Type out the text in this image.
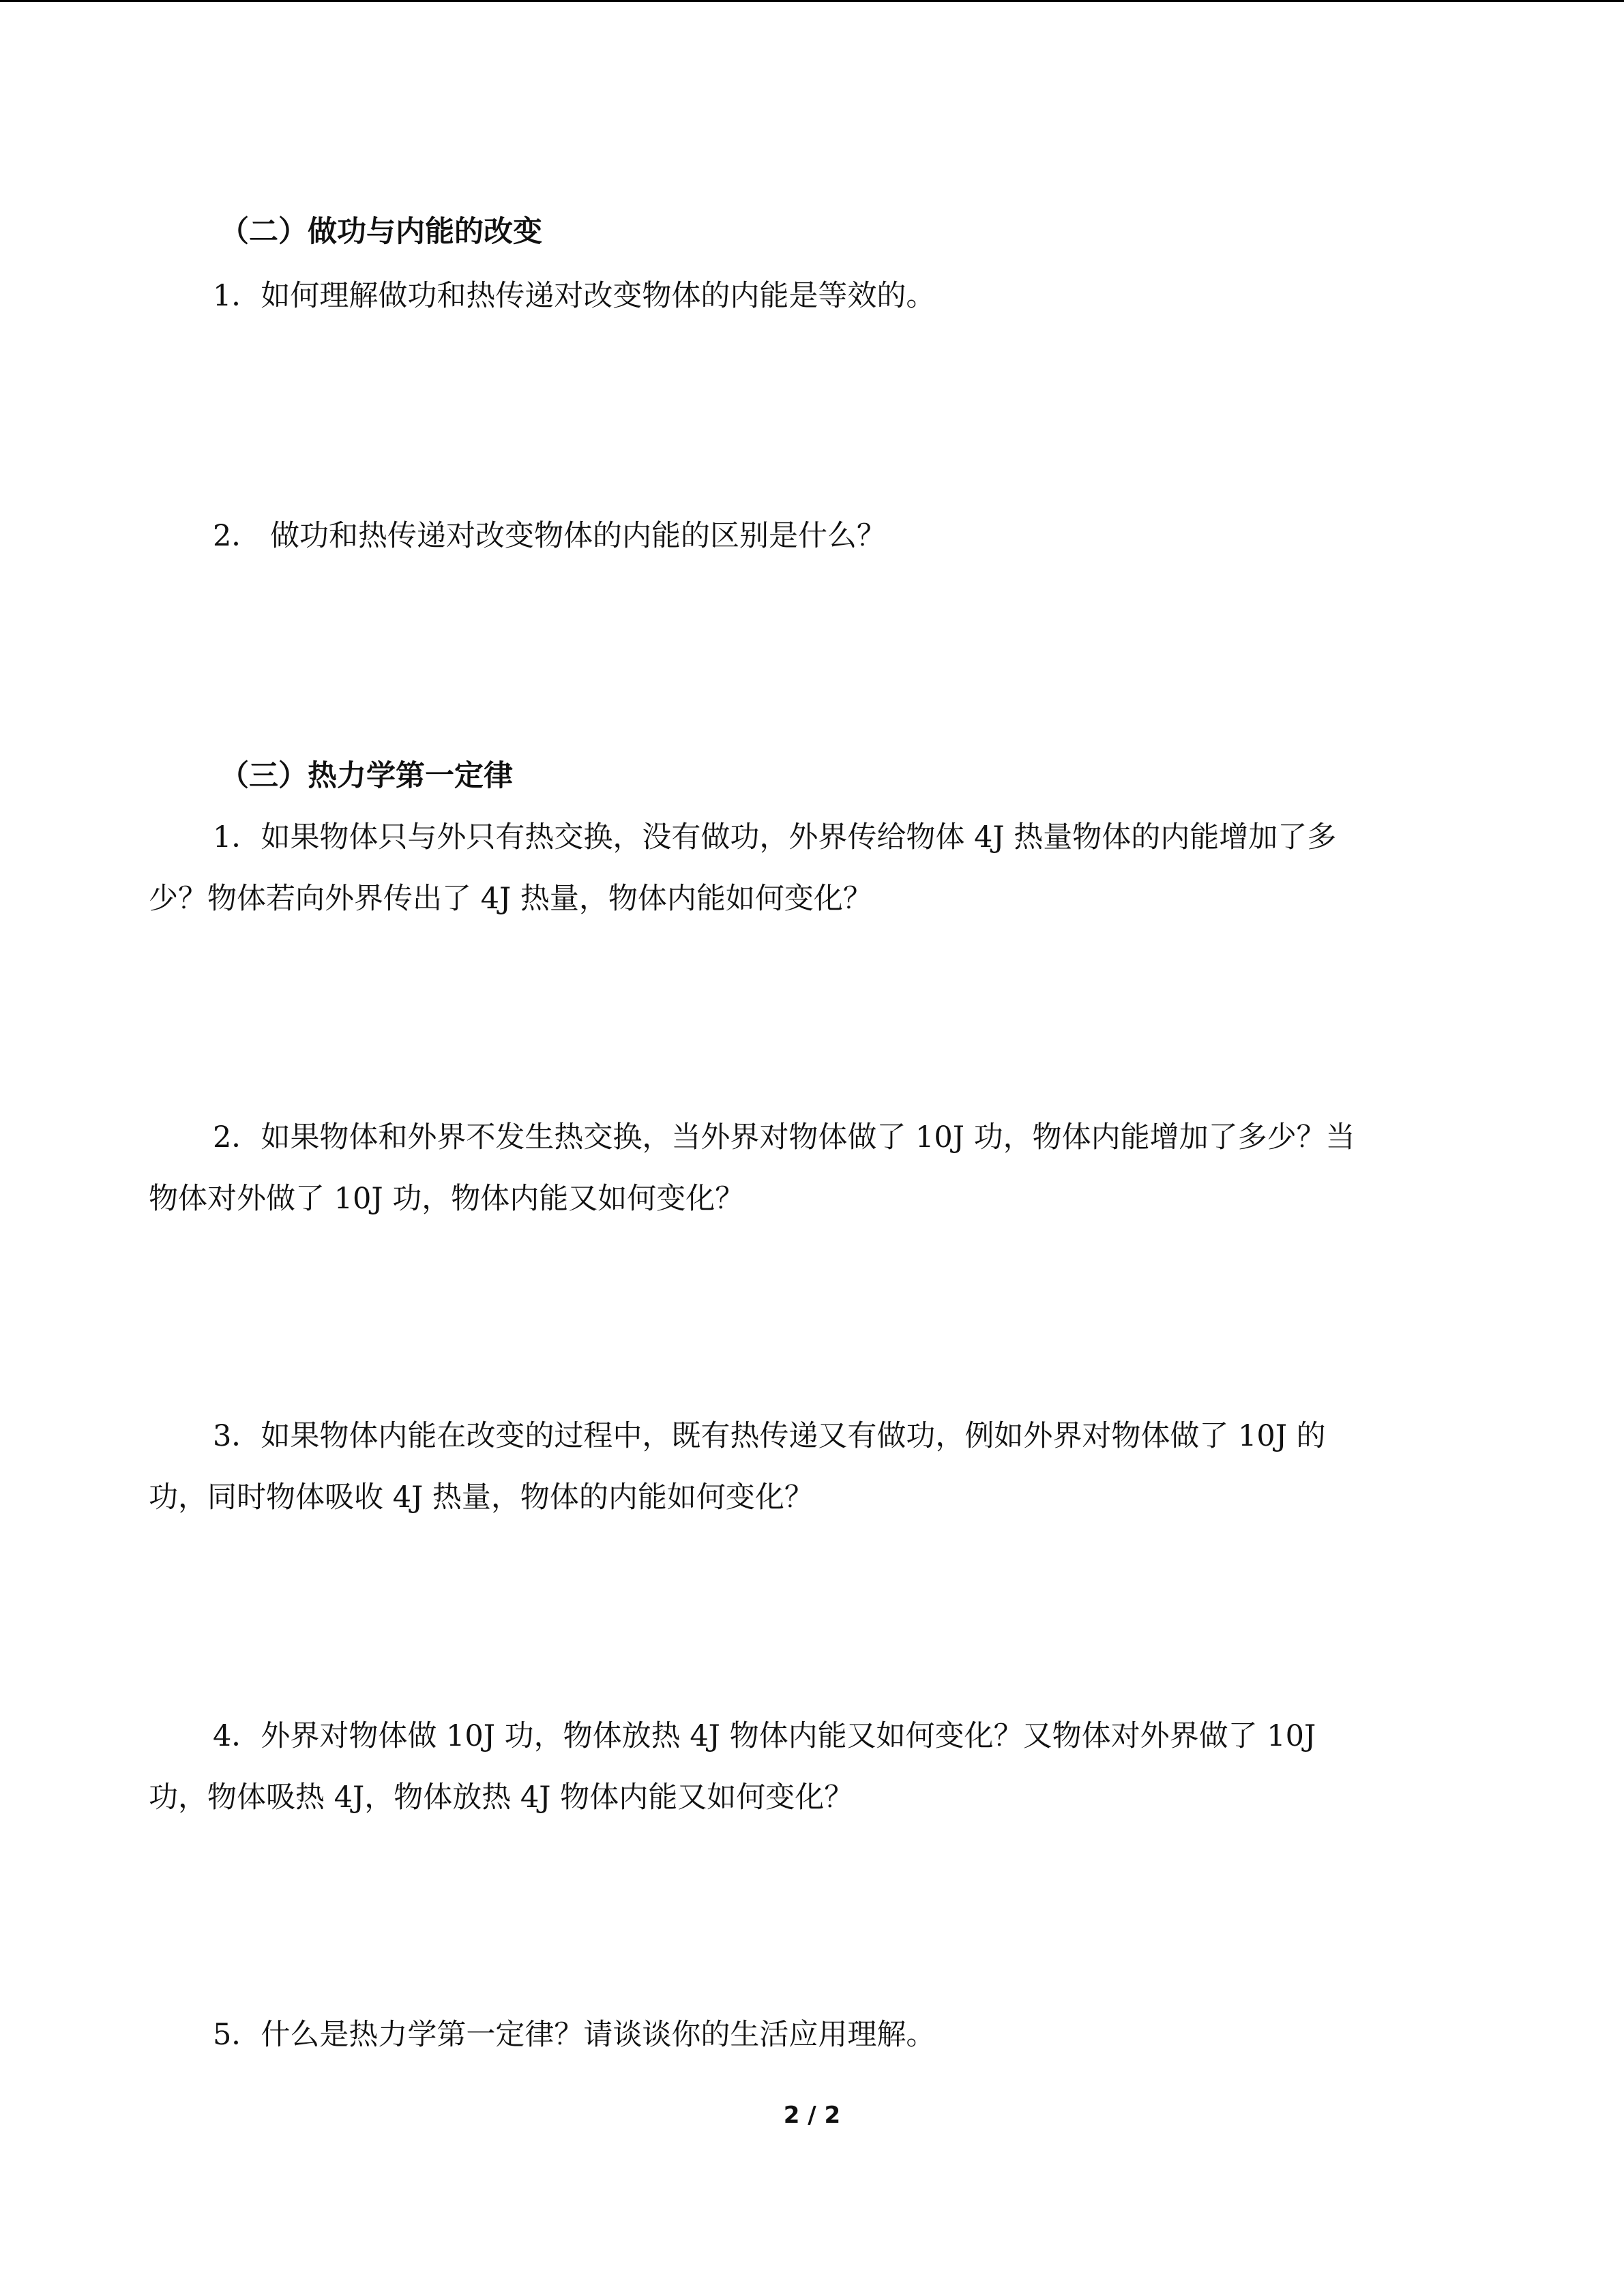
（二）做功与内能的改变
1．如何理解做功和热传递对改变物体的内能是等效的。
2． 做功和热传递对改变物体的内能的区别是什么？
（三）热力学第一定律
1．如果物体只与外只有热交换，没有做功，外界传给物体 4J 热量物体的内能增加了多
少？物体若向外界传出了 4J 热量，物体内能如何变化？
2．如果物体和外界不发生热交换，当外界对物体做了 10J 功，物体内能增加了多少？当
物体对外做了 10J 功，物体内能又如何变化？
3．如果物体内能在改变的过程中，既有热传递又有做功，例如外界对物体做了 10J 的
功，同时物体吸收 4J 热量，物体的内能如何变化？
4．外界对物体做 10J 功，物体放热 4J 物体内能又如何变化？又物体对外界做了 10J
功，物体吸热 4J，物体放热 4J 物体内能又如何变化？
5．什么是热力学第一定律？请谈谈你的生活应用理解。
2 / 2
